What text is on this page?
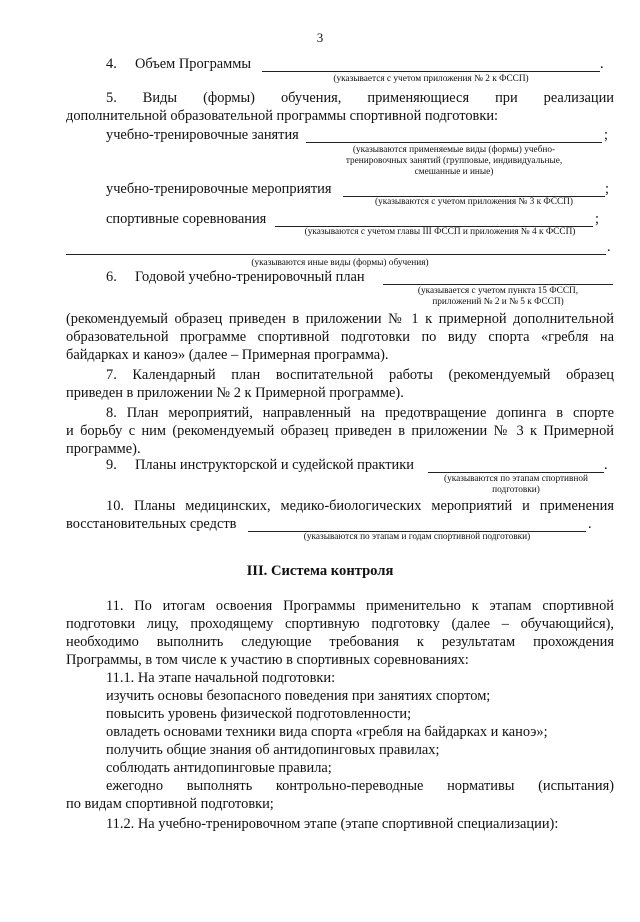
3
4. Объем Программы	.
(указывается с учетом приложения № 2 к ФССП)
5. Виды (формы) обучения, применяющиеся при реализации
дополнительной образовательной программы спортивной подготовки:
учебно-тренировочные занятия	;
(указываются применяемые виды (формы) учебно-
тренировочных занятий (групповые, индивидуальные,
смешанные и иные)
учебно-тренировочные мероприятия	;
(указываются с учетом приложения № 3 к ФССП)
спортивные соревнования	;
(указываются с учетом главы III ФССП и приложения № 4 к ФССП)
.
(указываются иные виды (формы) обучения)
6. Годовой учебно-тренировочный план
(указывается с учетом пункта 15 ФССП,
приложений № 2 и № 5 к ФССП)
(рекомендуемый образец приведен в приложении № 1 к примерной дополнительной
образовательной программе спортивной подготовки по виду спорта «гребля на
байдарках и каноэ» (далее – Примерная программа).
7. Календарный план воспитательной работы (рекомендуемый образец
приведен в приложении № 2 к Примерной программе).
8. План мероприятий, направленный на предотвращение допинга в спорте
и борьбу с ним (рекомендуемый образец приведен в приложении № 3 к Примерной
программе).
9. Планы инструкторской и судейской практики	.
(указываются по этапам спортивной
подготовки)
10. Планы медицинских, медико-биологических мероприятий и применения
восстановительных средств	.
(указываются по этапам и годам спортивной подготовки)
III. Система контроля
11. По итогам освоения Программы применительно к этапам спортивной
подготовки лицу, проходящему спортивную подготовку (далее – обучающийся),
необходимо выполнить следующие требования к результатам прохождения
Программы, в том числе к участию в спортивных соревнованиях:
11.1. На этапе начальной подготовки:
изучить основы безопасного поведения при занятиях спортом;
повысить уровень физической подготовленности;
овладеть основами техники вида спорта «гребля на байдарках и каноэ»;
получить общие знания об антидопинговых правилах;
соблюдать антидопинговые правила;
ежегодно выполнять контрольно-переводные нормативы (испытания)
по видам спортивной подготовки;
11.2. На учебно-тренировочном этапе (этапе спортивной специализации):
